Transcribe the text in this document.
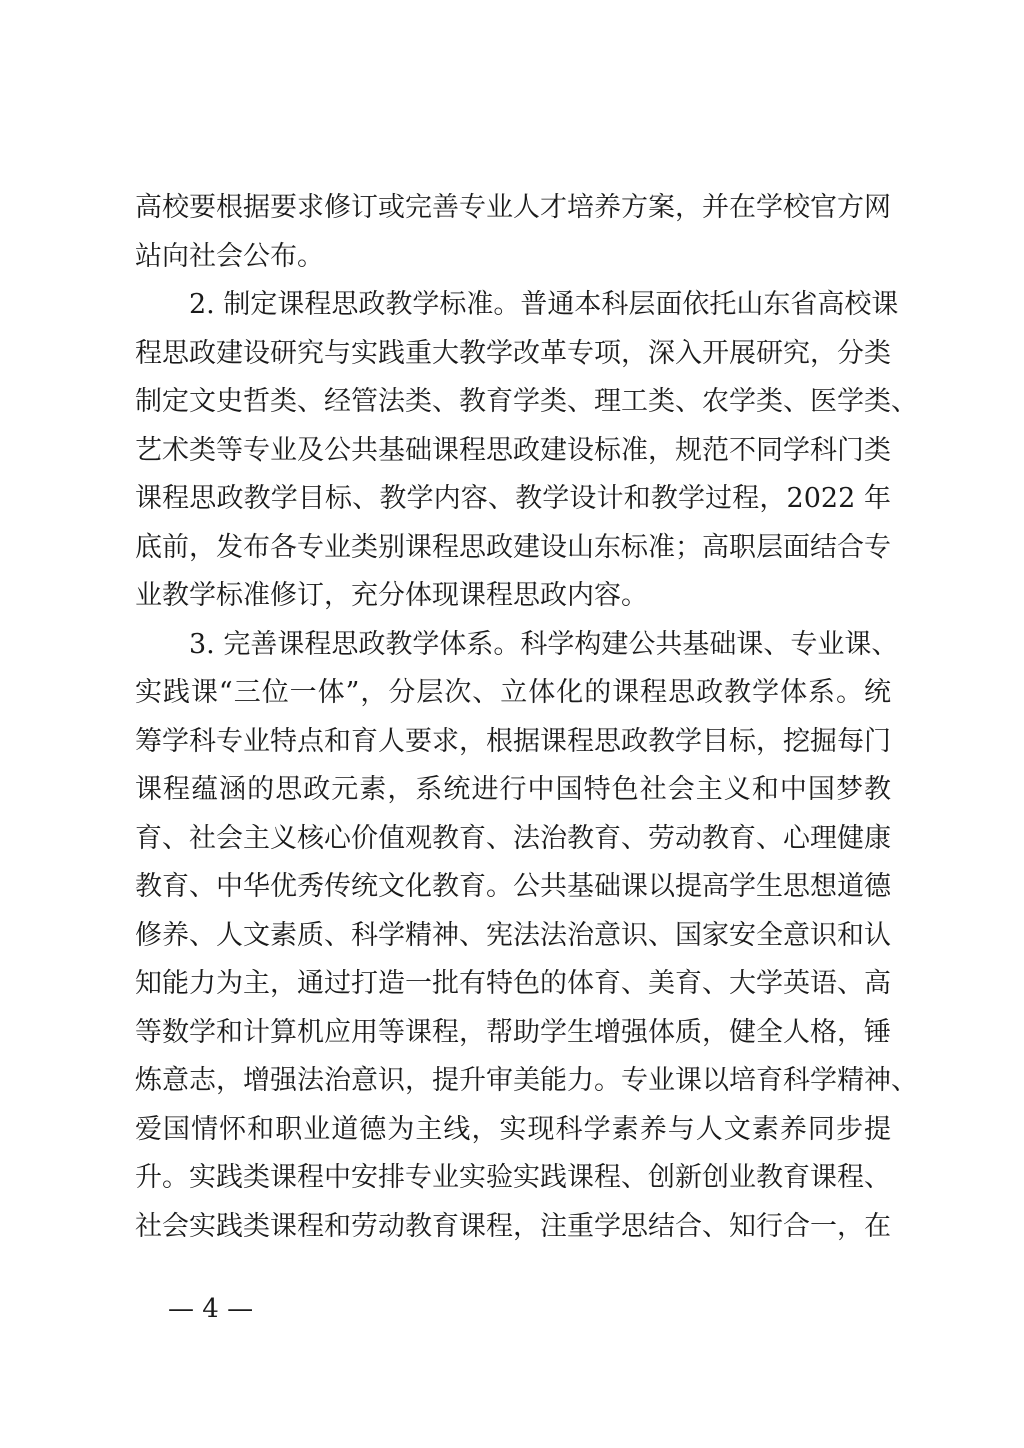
高校要根据要求修订或完善专业人才培养方案，并在学校官方网
站向社会公布。
2. 制定课程思政教学标准。普通本科层面依托山东省高校课
程思政建设研究与实践重大教学改革专项，深入开展研究，分类
制定文史哲类、经管法类、教育学类、理工类、农学类、医学类、
艺术类等专业及公共基础课程思政建设标准，规范不同学科门类
课程思政教学目标、教学内容、教学设计和教学过程，2022 年
底前，发布各专业类别课程思政建设山东标准；高职层面结合专
业教学标准修订，充分体现课程思政内容。
3. 完善课程思政教学体系。科学构建公共基础课、专业课、
实践课“三位一体”，分层次、立体化的课程思政教学体系。统
筹学科专业特点和育人要求，根据课程思政教学目标，挖掘每门
课程蕴涵的思政元素，系统进行中国特色社会主义和中国梦教
育、社会主义核心价值观教育、法治教育、劳动教育、心理健康
教育、中华优秀传统文化教育。公共基础课以提高学生思想道德
修养、人文素质、科学精神、宪法法治意识、国家安全意识和认
知能力为主，通过打造一批有特色的体育、美育、大学英语、高
等数学和计算机应用等课程，帮助学生增强体质，健全人格，锤
炼意志，增强法治意识，提升审美能力。专业课以培育科学精神、
爱国情怀和职业道德为主线，实现科学素养与人文素养同步提
— 4 —
升。实践类课程中安排专业实验实践课程、创新创业教育课程、
社会实践类课程和劳动教育课程，注重学思结合、知行合一，在
